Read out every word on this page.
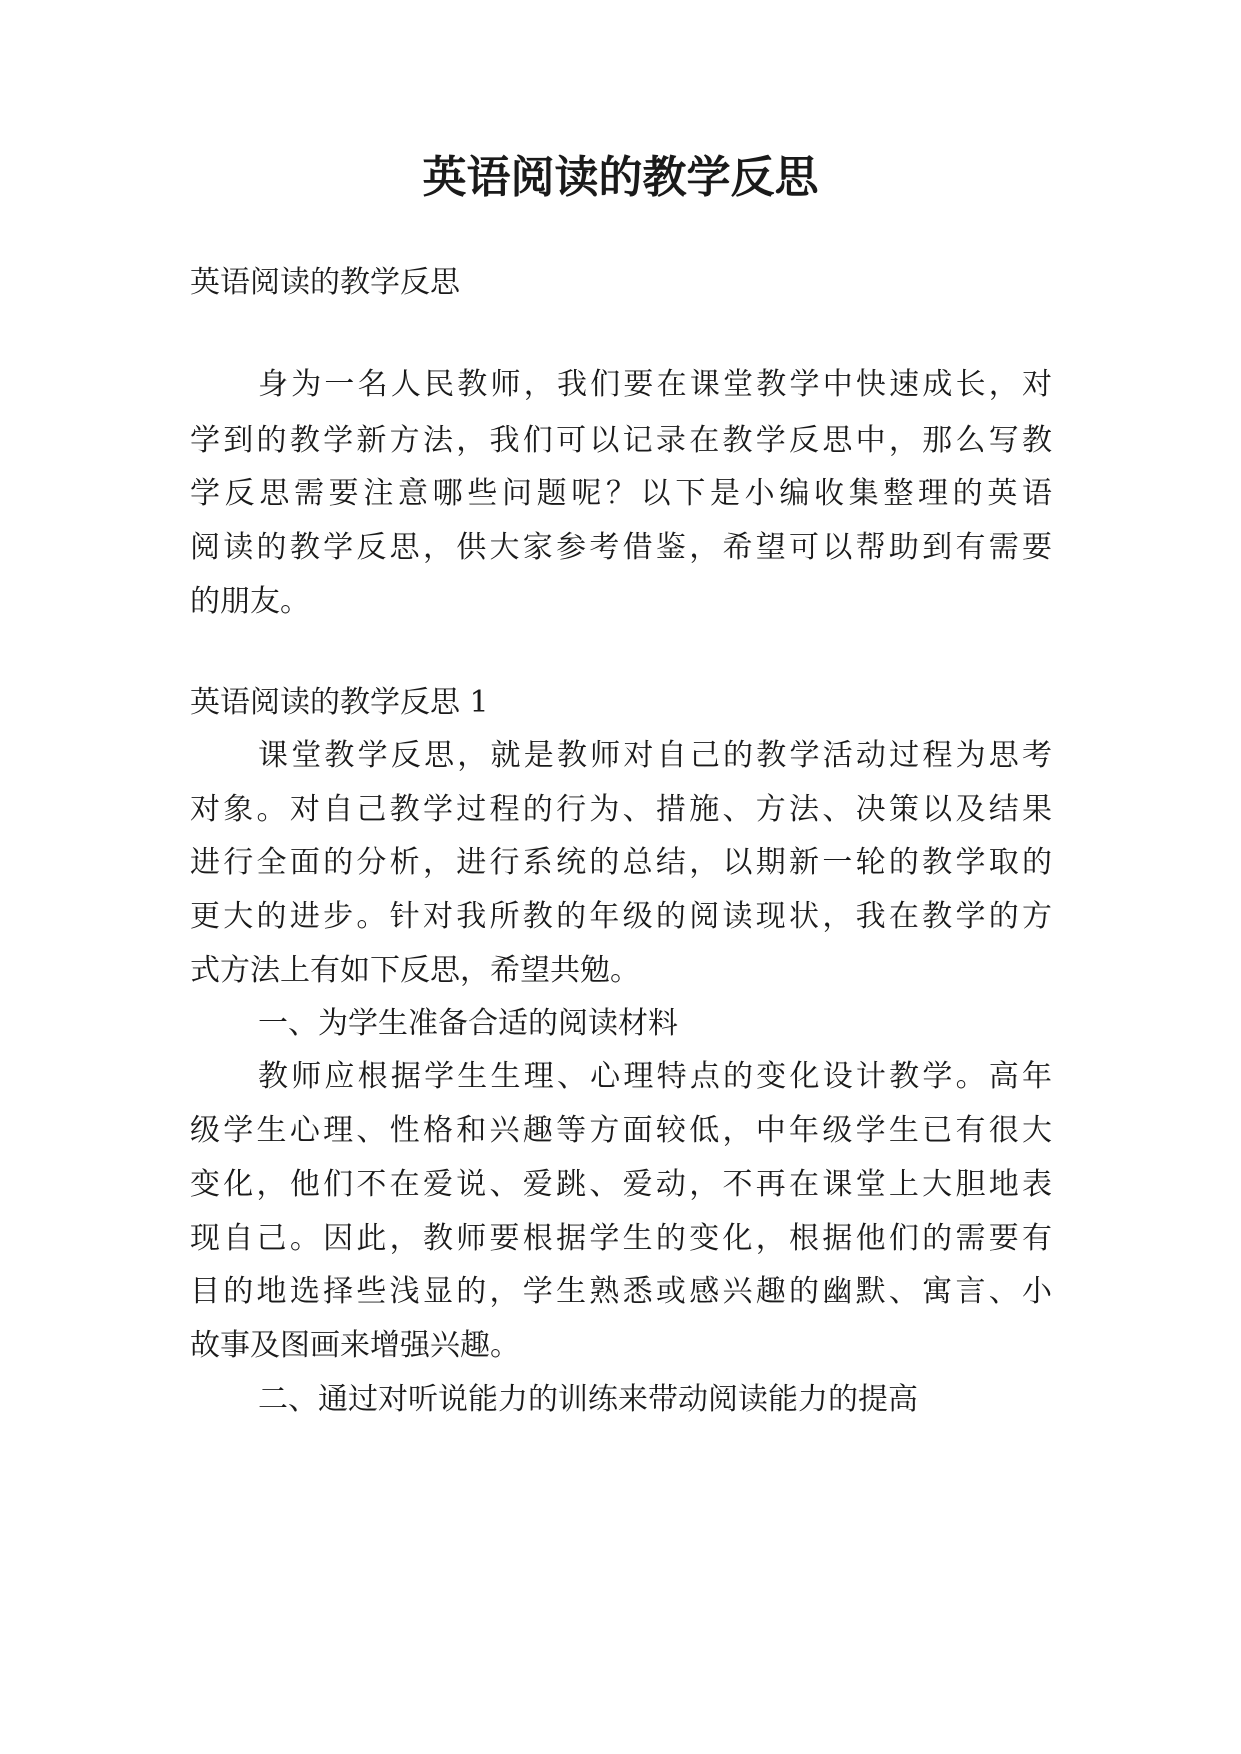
英语阅读的教学反思

英语阅读的教学反思

身为一名人民教师，我们要在课堂教学中快速成长，对

学到的教学新方法，我们可以记录在教学反思中，那么写教

学反思需要注意哪些问题呢？以下是小编收集整理的英语

阅读的教学反思，供大家参考借鉴，希望可以帮助到有需要

的朋友。

英语阅读的教学反思 1

课堂教学反思，就是教师对自己的教学活动过程为思考

对象。对自己教学过程的行为、措施、方法、决策以及结果

进行全面的分析，进行系统的总结，以期新一轮的教学取的

更大的进步。针对我所教的年级的阅读现状，我在教学的方

式方法上有如下反思，希望共勉。

一、为学生准备合适的阅读材料

教师应根据学生生理、心理特点的变化设计教学。高年

级学生心理、性格和兴趣等方面较低，中年级学生已有很大

变化，他们不在爱说、爱跳、爱动，不再在课堂上大胆地表

现自己。因此，教师要根据学生的变化，根据他们的需要有

目的地选择些浅显的，学生熟悉或感兴趣的幽默、寓言、小

故事及图画来增强兴趣。

二、通过对听说能力的训练来带动阅读能力的提高
